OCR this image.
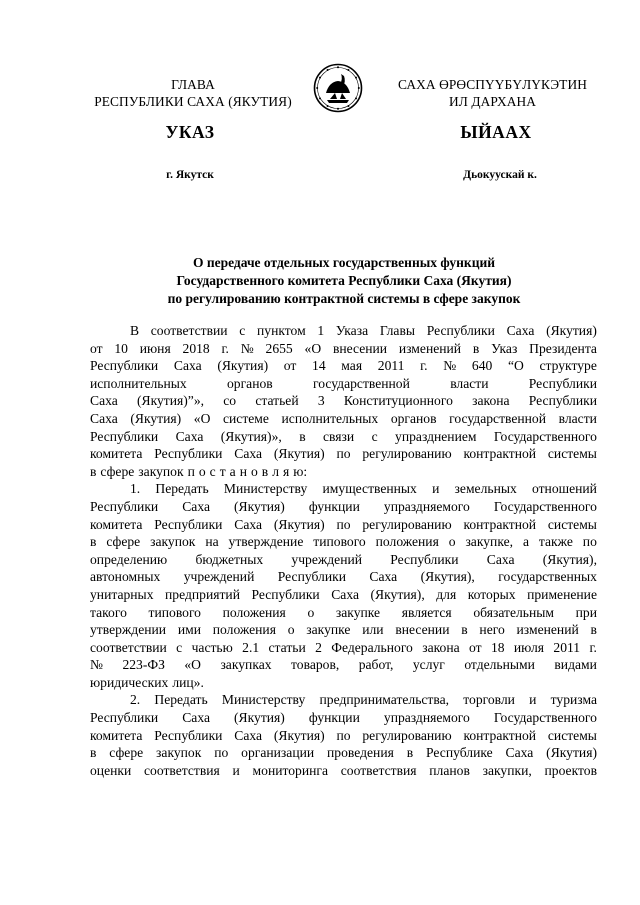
ГЛАВА
РЕСПУБЛИКИ САХА (ЯКУТИЯ)
САХА ӨРӨСПҮҮБҮЛҮКЭТИН
ИЛ ДАРХАНА
УКАЗ	ЫЙААХ
г. Якутск	Дьокуускай к.
О передаче отдельных государственных функций
Государственного комитета Республики Саха (Якутия)
по регулированию контрактной системы в сфере закупок
В соответствии с пунктом 1 Указа Главы Республики Саха (Якутия)
от 10 июня 2018 г. № 2655 «О внесении изменений в Указ Президента
Республики Саха (Якутия) от 14 мая 2011 г. № 640 “О структуре
исполнительных	органов	государственной	власти	Республики
Саха (Якутия)”», со статьей 3 Конституционного закона Республики
Саха (Якутия) «О системе исполнительных органов государственной власти
Республики Саха (Якутия)», в связи с упразднением Государственного
комитета Республики Саха (Якутия) по регулированию контрактной системы
в сфере закупок п о с т а н о в л я ю:
1. Передать Министерству имущественных и земельных отношений
Республики Саха (Якутия) функции упраздняемого Государственного
комитета Республики Саха (Якутия) по регулированию контрактной системы
в сфере закупок на утверждение типового положения о закупке, а также по
определению бюджетных учреждений Республики Саха (Якутия),
автономных учреждений Республики Саха (Якутия), государственных
унитарных предприятий Республики Саха (Якутия), для которых применение
такого типового положения о закупке является обязательным при
утверждении ими положения о закупке или внесении в него изменений в
соответствии с частью 2.1 статьи 2 Федерального закона от 18 июля 2011 г.
№ 223-ФЗ «О закупках товаров, работ, услуг отдельными видами
юридических лиц».
2. Передать Министерству предпринимательства, торговли и туризма
Республики Саха (Якутия) функции упраздняемого Государственного
комитета Республики Саха (Якутия) по регулированию контрактной системы
в сфере закупок по организации проведения в Республике Саха (Якутия)
оценки соответствия и мониторинга соответствия планов закупки, проектов
